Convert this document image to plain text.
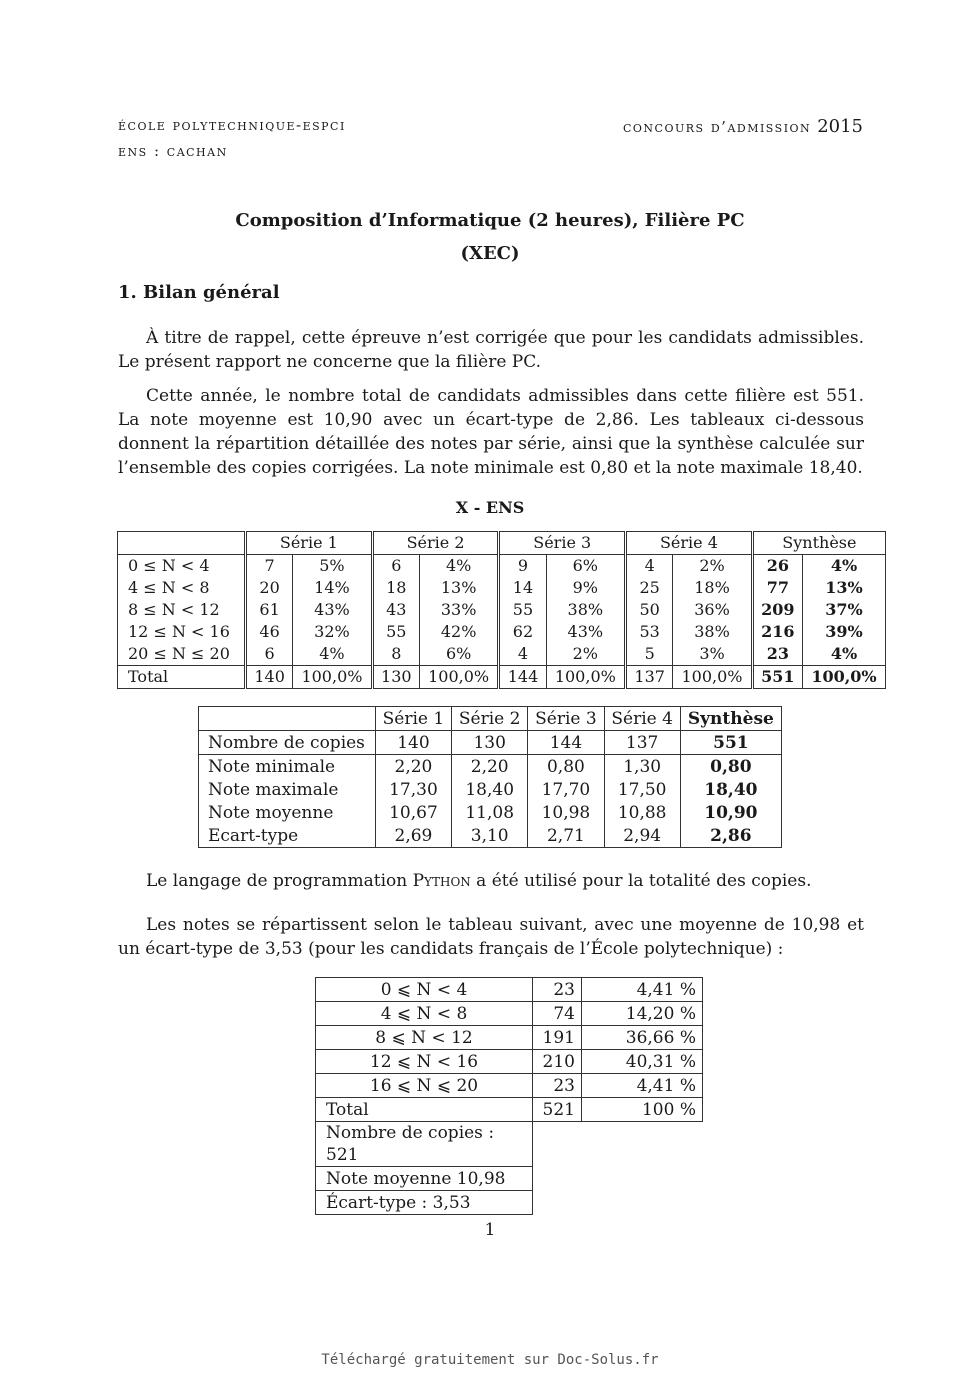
école polytechnique-espci
ens : cachan
concours d’admission 2015
Composition d’Informatique (2 heures), Filière PC
(XEC)
1. Bilan général

À titre de rappel, cette épreuve n’est corrigée que pour les candidats admissibles. Le présent rapport ne concerne que la filière PC.

Cette année, le nombre total de candidats admissibles dans cette filière est 551. La note moyenne est 10,90 avec un écart-type de 2,86. Les tableaux ci-dessous donnent la répartition détaillée des notes par série, ainsi que la synthèse calculée sur l’ensemble des copies corrigées. La note minimale est 0,80 et la note maximale 18,40.

X - ENS
	Série 1		Série 2		Série 3		Série 4		Synthèse	
0 ≤ N < 4	7	5%	6	4%	9	6%	4	2%	26	4%
4 ≤ N < 8	20	14%	18	13%	14	9%	25	18%	77	13%
8 ≤ N < 12	61	43%	43	33%	55	38%	50	36%	209	37%
12 ≤ N < 16	46	32%	55	42%	62	43%	53	38%	216	39%
20 ≤ N ≤ 20	6	4%	8	6%	4	2%	5	3%	23	4%
Total	140	100,0%	130	100,0%	144	100,0%	137	100,0%	551	100,0%
	Série 1	Série 2	Série 3	Série 4	Synthèse
Nombre de copies	140	130	144	137	551
Note minimale	2,20	2,20	0,80	1,30	0,80
Note maximale	17,30	18,40	17,70	17,50	18,40
Note moyenne	10,67	11,08	10,98	10,88	10,90
Ecart-type	2,69	3,10	2,71	2,94	2,86

Le langage de programmation Python a été utilisé pour la totalité des copies.

Les notes se répartissent selon le tableau suivant, avec une moyenne de 10,98 et un écart-type de 3,53 (pour les candidats français de l’École polytechnique) :

0 ⩽ N < 4	23	4,41 %
4 ⩽ N < 8	74	14,20 %
8 ⩽ N < 12	191	36,66 %
12 ⩽ N < 16	210	40,31 %
16 ⩽ N ⩽ 20	23	4,41 %
Total	521	100 %
Nombre de copies : 521		
Note moyenne 10,98		
Écart-type : 3,53		
1
Téléchargé gratuitement sur Doc-Solus.fr
